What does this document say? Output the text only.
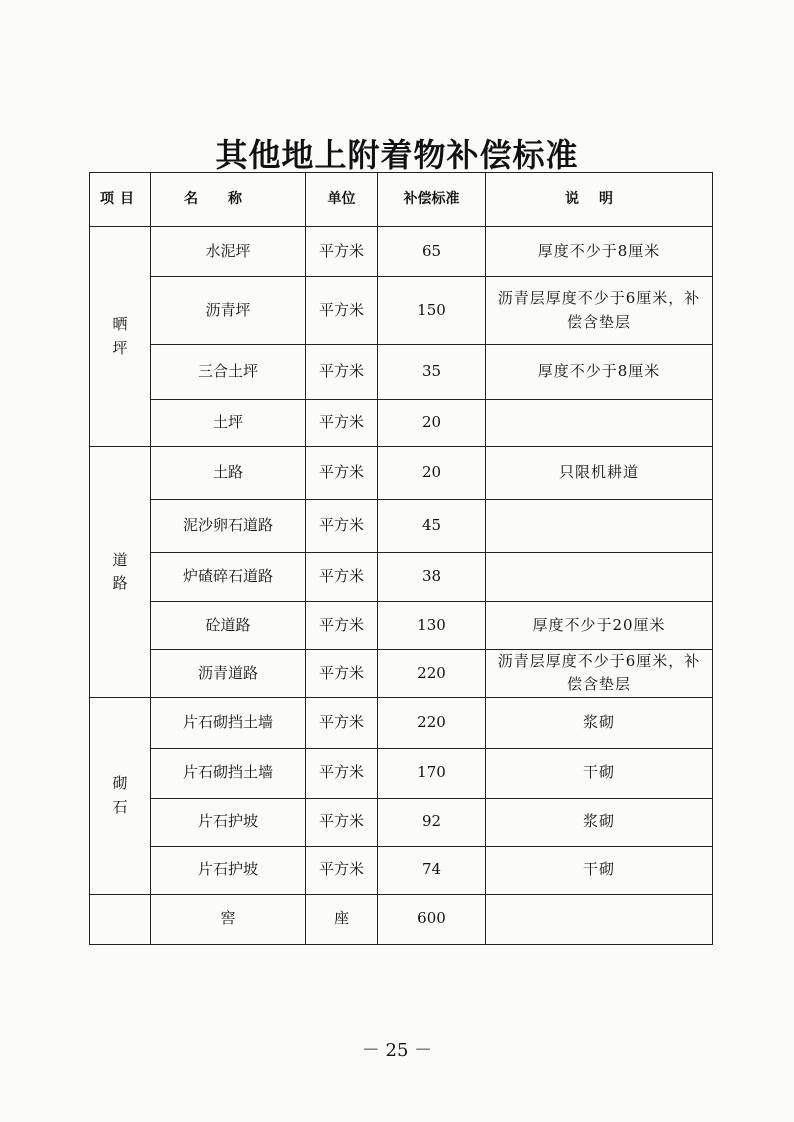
其他地上附着物补偿标准
项目	名称	单位	补偿标准	说明

晒
坪	水泥坪	平方米	65	厚度不少于8厘米
	沥青坪	平方米	150	沥青层厚度不少于6厘米，补偿含垫层
	三合土坪	平方米	35	厚度不少于8厘米
	土坪	平方米	20	

道
路	土路	平方米	20	只限机耕道
	泥沙卵石道路	平方米	45	
	炉碴碎石道路	平方米	38	
	砼道路	平方米	130	厚度不少于20厘米
	沥青道路	平方米	220	沥青层厚度不少于6厘米，补偿含垫层

砌
石	片石砌挡土墙	平方米	220	浆砌
	片石砌挡土墙	平方米	170	干砌
	片石护坡	平方米	92	浆砌
	片石护坡	平方米	74	干砌
	窖	座	600	
－ 25 －
